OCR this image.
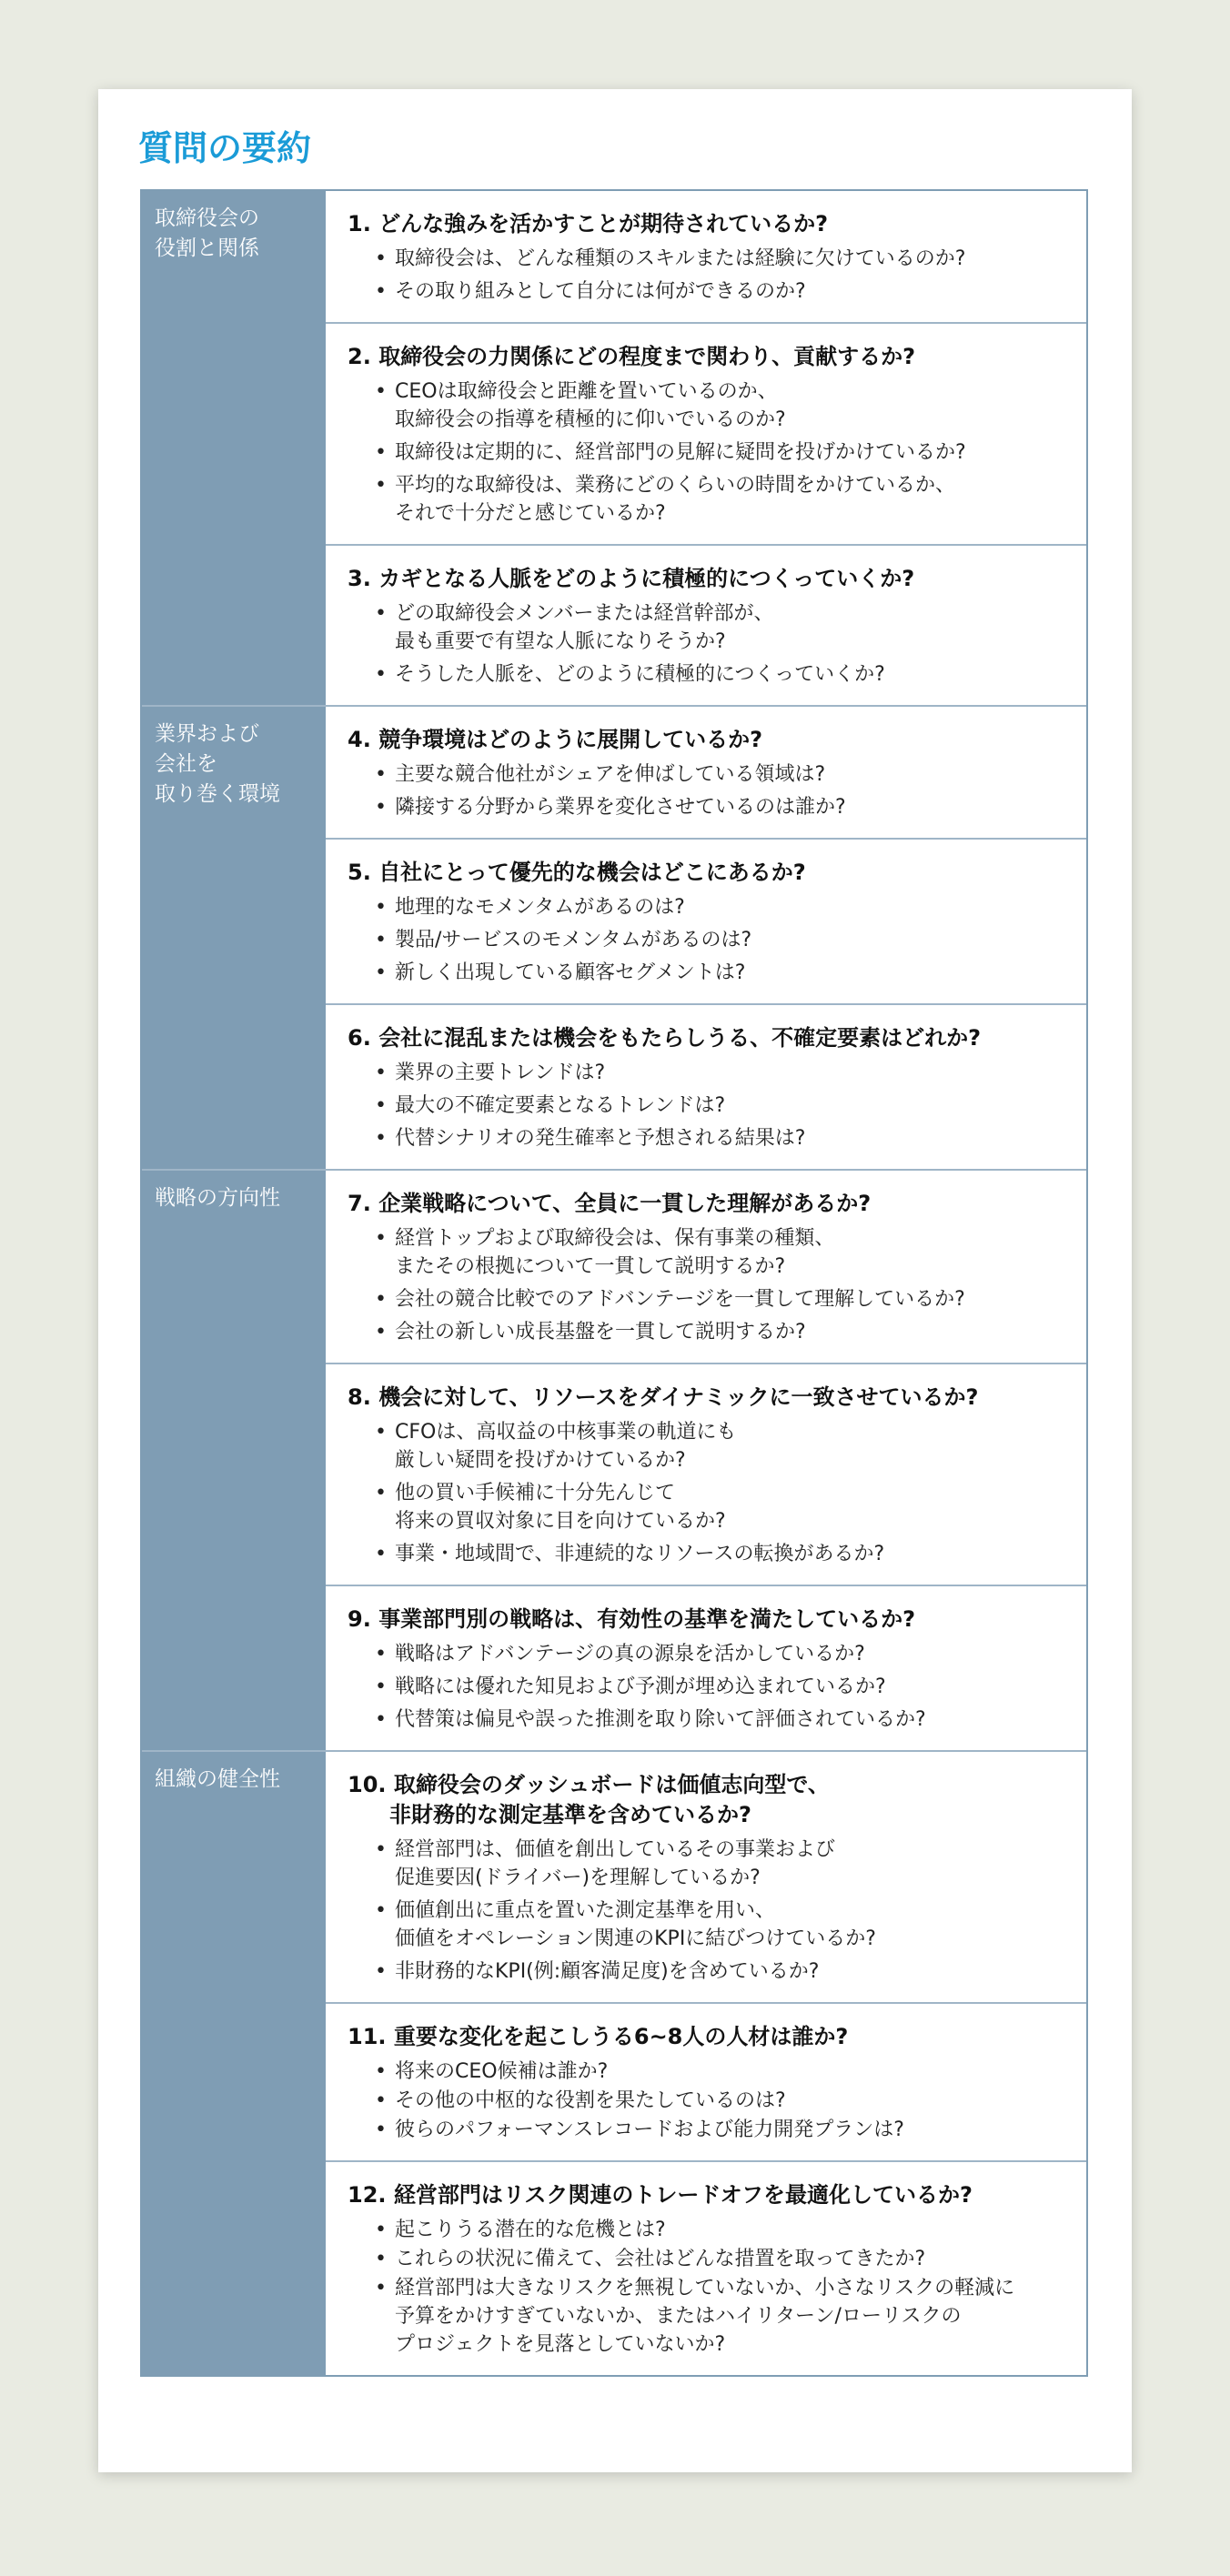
質問の要約
取締役会の
役割と関係
1. どんな強みを活かすことが期待されているか?
• 取締役会は、どんな種類のスキルまたは経験に欠けているのか?
• その取り組みとして自分には何ができるのか?
2. 取締役会の力関係にどの程度まで関わり、貢献するか?
• CEOは取締役会と距離を置いているのか、
取締役会の指導を積極的に仰いでいるのか?
• 取締役は定期的に、経営部門の見解に疑問を投げかけているか?
• 平均的な取締役は、業務にどのくらいの時間をかけているか、
それで十分だと感じているか?
3. カギとなる人脈をどのように積極的につくっていくか?
• どの取締役会メンバーまたは経営幹部が、
最も重要で有望な人脈になりそうか?
• そうした人脈を、どのように積極的につくっていくか?
業界および
会社を
取り巻く環境
4. 競争環境はどのように展開しているか?
• 主要な競合他社がシェアを伸ばしている領域は?
• 隣接する分野から業界を変化させているのは誰か?
5. 自社にとって優先的な機会はどこにあるか?
• 地理的なモメンタムがあるのは?
• 製品/サービスのモメンタムがあるのは?
• 新しく出現している顧客セグメントは?
6. 会社に混乱または機会をもたらしうる、不確定要素はどれか?
• 業界の主要トレンドは?
• 最大の不確定要素となるトレンドは?
• 代替シナリオの発生確率と予想される結果は?
戦略の方向性	7. 企業戦略について、全員に一貫した理解があるか?
• 経営トップおよび取締役会は、保有事業の種類、
またその根拠について一貫して説明するか?
• 会社の競合比較でのアドバンテージを一貫して理解しているか?
• 会社の新しい成長基盤を一貫して説明するか?
8. 機会に対して、リソースをダイナミックに一致させているか?
• CFOは、高収益の中核事業の軌道にも
厳しい疑問を投げかけているか?
• 他の買い手候補に十分先んじて
将来の買収対象に目を向けているか?
• 事業・地域間で、非連続的なリソースの転換があるか?
9. 事業部門別の戦略は、有効性の基準を満たしているか?
• 戦略はアドバンテージの真の源泉を活かしているか?
• 戦略には優れた知見および予測が埋め込まれているか?
• 代替策は偏見や誤った推測を取り除いて評価されているか?
組織の健全性	10. 取締役会のダッシュボードは価値志向型で、
非財務的な測定基準を含めているか?
• 経営部門は、価値を創出しているその事業および
促進要因(ドライバー)を理解しているか?
• 価値創出に重点を置いた測定基準を用い、
価値をオペレーション関連のKPIに結びつけているか?
• 非財務的なKPI(例:顧客満足度)を含めているか?
11. 重要な変化を起こしうる6~8人の人材は誰か?
• 将来のCEO候補は誰か?
• その他の中枢的な役割を果たしているのは?
• 彼らのパフォーマンスレコードおよび能力開発プランは?
12. 経営部門はリスク関連のトレードオフを最適化しているか?
• 起こりうる潜在的な危機とは?
• これらの状況に備えて、会社はどんな措置を取ってきたか?
• 経営部門は大きなリスクを無視していないか、小さなリスクの軽減に
予算をかけすぎていないか、またはハイリターン/ローリスクの
プロジェクトを見落としていないか?
